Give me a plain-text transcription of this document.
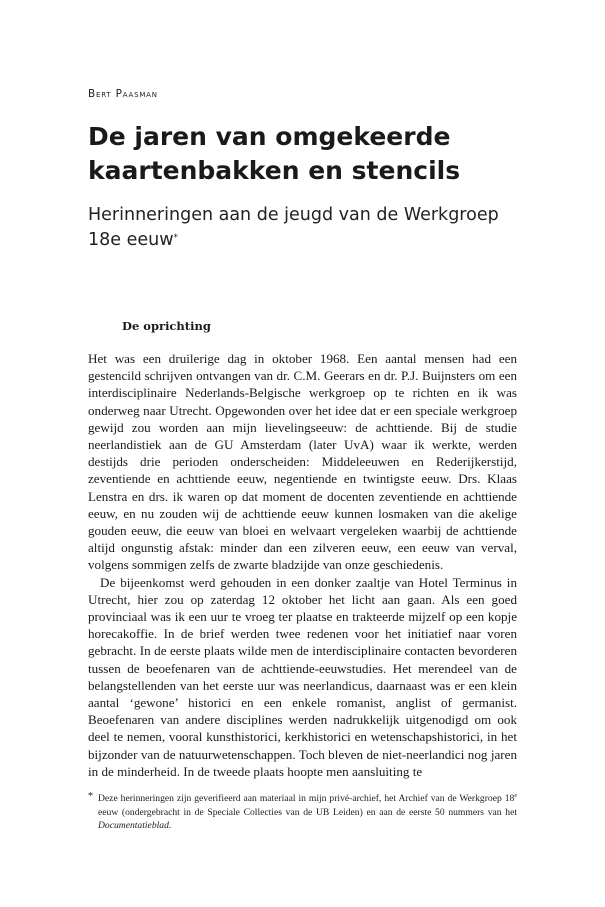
Bert Paasman
De jaren van omgekeerde kaartenbakken en stencils
Herinneringen aan de jeugd van de Werkgroep 18e eeuw*
De oprichting

Het was een druilerige dag in oktober 1968. Een aantal mensen had een gestencild schrijven ontvangen van dr. C.M. Geerars en dr. P.J. Buijnsters om een interdisciplinaire Nederlands-Belgische werkgroep op te richten en ik was onderweg naar Utrecht. Opgewonden over het idee dat er een speciale werkgroep gewijd zou worden aan mijn lievelingseeuw: de achttiende. Bij de studie neerlandistiek aan de GU Amsterdam (later UvA) waar ik werkte, werden destijds drie perioden onderscheiden: Middeleeuwen en Rederijkerstijd, zeventiende en achttiende eeuw, negentiende en twintigste eeuw. Drs. Klaas Lenstra en drs. ik waren op dat moment de docenten zeventiende en achttiende eeuw, en nu zouden wij de achttiende eeuw kunnen losmaken van die akelige gouden eeuw, die eeuw van bloei en welvaart vergeleken waarbij de achttiende altijd ongunstig afstak: minder dan een zilveren eeuw, een eeuw van verval, volgens sommigen zelfs de zwarte bladzijde van onze geschiedenis.

De bijeenkomst werd gehouden in een donker zaaltje van Hotel Terminus in Utrecht, hier zou op zaterdag 12 oktober het licht aan gaan. Als een goed provinciaal was ik een uur te vroeg ter plaatse en trakteerde mijzelf op een kopje horecakoffie. In de brief werden twee redenen voor het initiatief naar voren gebracht. In de eerste plaats wilde men de interdisciplinaire contacten bevorderen tussen de beoefenaren van de achttiende-eeuwstudies. Het merendeel van de belangstellenden van het eerste uur was neerlandicus, daarnaast was er een klein aantal ‘gewone’ historici en een enkele romanist, anglist of germanist. Beoefenaren van andere disciplines werden nadrukkelijk uitgenodigd om ook deel te nemen, vooral kunsthistorici, kerkhistorici en wetenschapshistorici, in het bijzonder van de natuurwetenschappen. Toch bleven de niet-neerlandici nog jaren in de minderheid. In de tweede plaats hoopte men aansluiting te

* Deze herinneringen zijn geverifieerd aan materiaal in mijn privé-archief, het Archief van de Werkgroep 18e eeuw (ondergebracht in de Speciale Collecties van de UB Leiden) en aan de eerste 50 nummers van het Documentatieblad.
